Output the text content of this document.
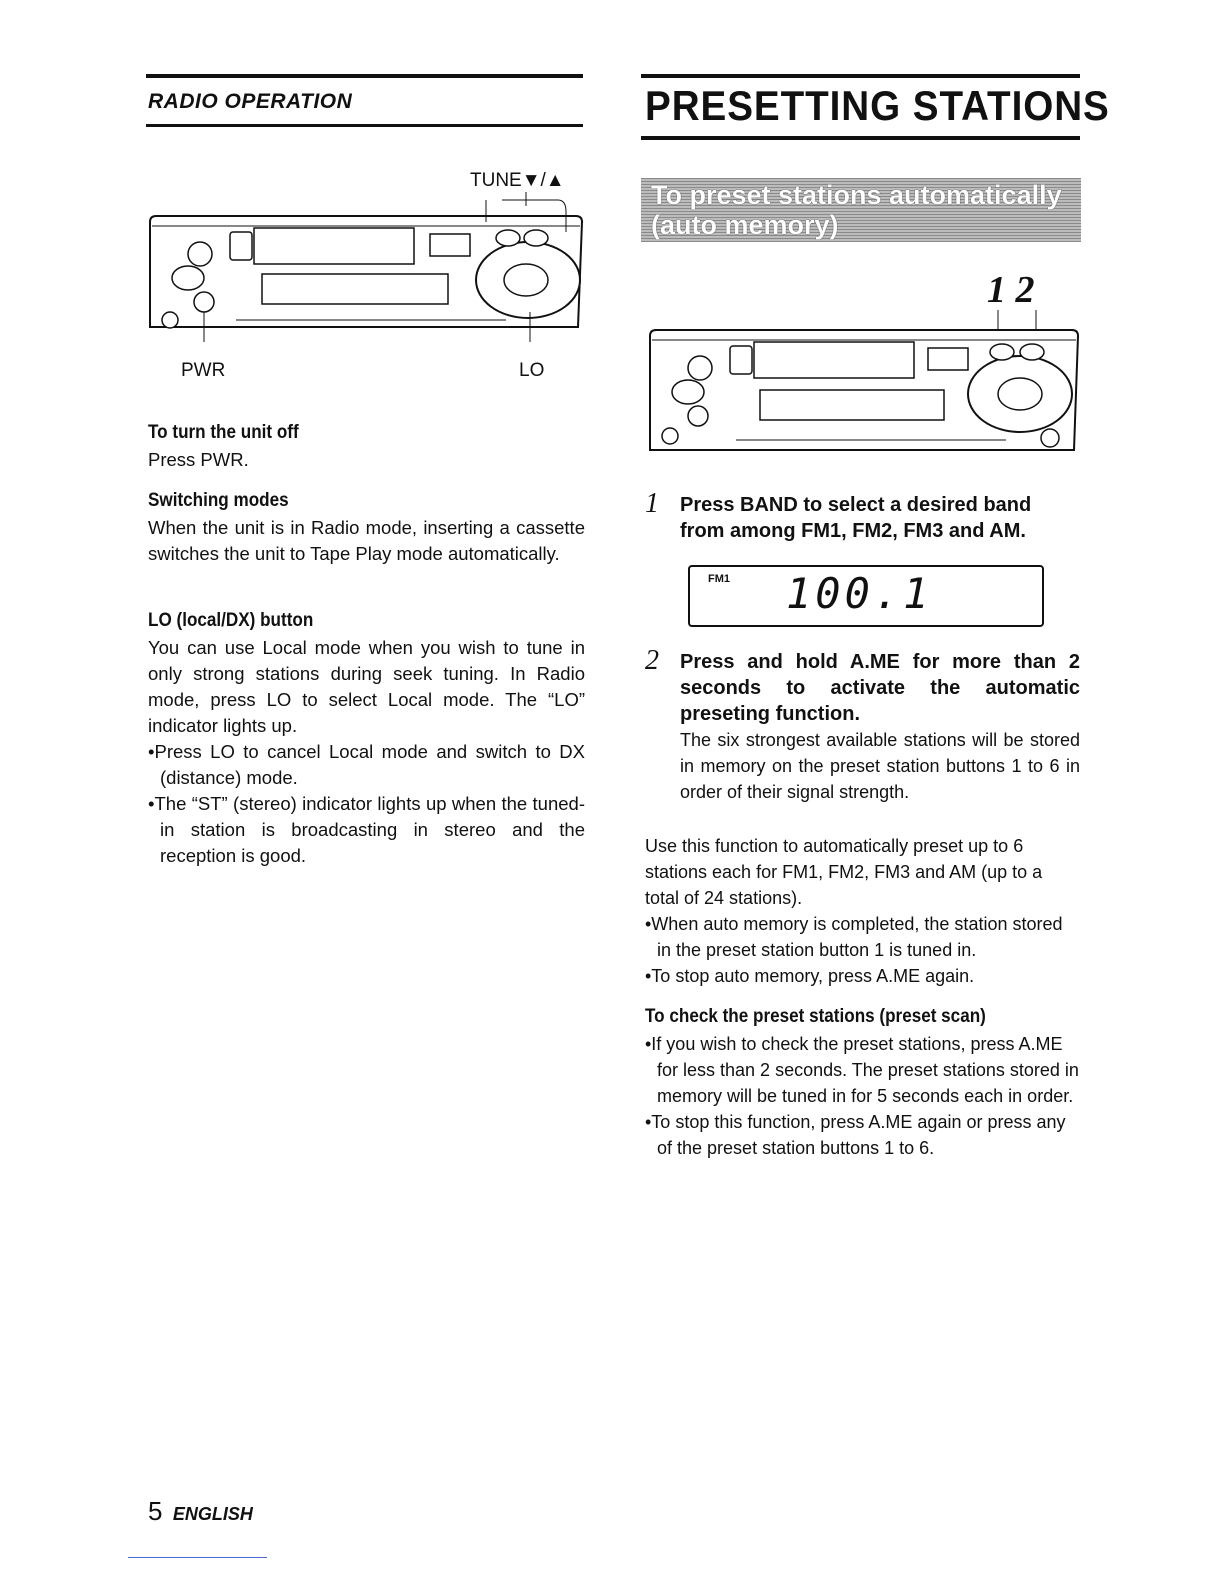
RADIO OPERATION
TUNE▼/▲
PWR	LO
To turn the unit off
Press PWR.
Switching modes
When the unit is in Radio mode, inserting a cassette switches the unit to Tape Play mode automatically.
LO (local/DX) button

You can use Local mode when you wish to tune in only strong stations during seek tuning. In Radio mode, press LO to select Local mode. The “LO” indicator lights up.

•Press LO to cancel Local mode and switch to DX (distance) mode.

•The “ST” (stereo) indicator lights up when the tuned-in station is broadcasting in stereo and the reception is good.

PRESETTING STATIONS
To preset stations automatically
(auto memory)
1 2
1 Press BAND to select a desired band from among FM1, FM2, FM3 and AM.
FM1 100.1
2 Press and hold A.ME for more than 2 seconds to activate the automatic preseting function.
The six strongest available stations will be stored in memory on the preset station buttons 1 to 6 in order of their signal strength.

Use this function to automatically preset up to 6 stations each for FM1, FM2, FM3 and AM (up to a total of 24 stations).

•When auto memory is completed, the station stored in the preset station button 1 is tuned in.

•To stop auto memory, press A.ME again.

To check the preset stations (preset scan)

•If you wish to check the preset stations, press A.ME for less than 2 seconds. The preset stations stored in memory will be tuned in for 5 seconds each in order.

•To stop this function, press A.ME again or press any of the preset station buttons 1 to 6.

5 ENGLISH
